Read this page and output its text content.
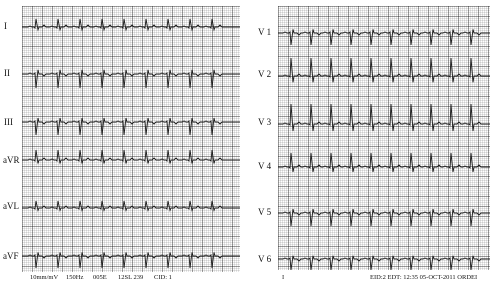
I
II
III
aVR
aVL
aVF
V 1
V 2
V 3
V 4
V 5
V 6
10mm/mV 150Hz 005E 12SL 239 CID: 1	I	EID:2 EDT: 12:35 05-OCT-2011 ORDEI
